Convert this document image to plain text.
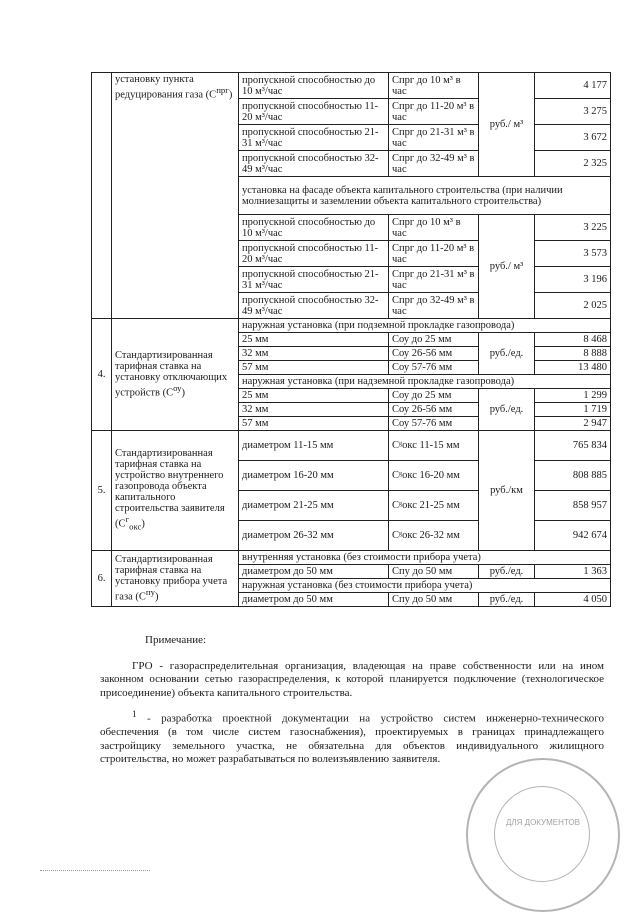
	установку пункта редуцирования газа $(С^{прг})$	пропускной способностью до 10 м³/час	Спрг до 10 м³ в час	руб./ м³	4 177
		пропускной способностью 11-20 м³/час	Спрг до 11-20 м³ в час		3 275
		пропускной способностью 21-31 м³/час	Спрг до 21-31 м³ в час		3 672
		пропускной способностью 32-49 м³/час	Спрг до 32-49 м³ в час		2 325
		установка на фасаде объекта капитального строительства (при наличии молниезащиты и заземлении объекта капитального строительства)			
		пропускной способностью до 10 м³/час	Спрг до 10 м³ в час	руб./ м³	3 225
		пропускной способностью 11-20 м³/час	Спрг до 11-20 м³ в час		3 573
		пропускной способностью 21-31 м³/час	Спрг до 21-31 м³ в час		3 196
		пропускной способностью 32-49 м³/час	Спрг до 32-49 м³ в час		2 025
4.	Стандартизированная тарифная ставка на установку отключающих устройств $(С^{оу})$	наружная установка (при подземной прокладке газопровода)			
		25 мм	Соу до 25 мм	руб./ед.	8 468
		32 мм	Соу 26-56 мм		8 888
		57 мм	Соу 57-76 мм		13 480
		наружная установка (при надземной прокладке газопровода)			
		25 мм	Соу до 25 мм	руб./ед.	1 299
		32 мм	Соу 26-56 мм		1 719
		57 мм	Соу 57-76 мм		2 947
5.	Стандартизированная тарифная ставка на устройство внутреннего газопровода объекта капитального строительства заявителя $(С^г_{окс})$	диаметром 11-15 мм	Сᵍокс 11-15 мм	руб./км	765 834
		диаметром 16-20 мм	Сᵍокс 16-20 мм		808 885
		диаметром 21-25 мм	Сᵍокс 21-25 мм		858 957
		диаметром 26-32 мм	Сᵍокс 26-32 мм		942 674
6.	Стандартизированная тарифная ставка на установку прибора учета газа $(С^{пу})$	внутренняя установка (без стоимости прибора учета)			
		диаметром до 50 мм	Спу до 50 мм	руб./ед.	1 363
		наружная установка (без стоимости прибора учета)			
		диаметром до 50 мм	Спу до 50 мм	руб./ед.	4 050

Примечание:

ГРО - газораспределительная организация, владеющая на праве собственности или на ином законном основании сетью газораспределения, к которой планируется подключение (технологическое присоединение) объекта капитального строительства.

$^1$ - разработка проектной документации на устройство систем инженерно-технического обеспечения (в том числе систем газоснабжения), проектируемых в границах принадлежащего застройщику земельного участка, не обязательна для объектов индивидуального жилищного строительства, но может разрабатываться по волеизъявлению заявителя.

ДЛЯ ДОКУМЕНТОВ
